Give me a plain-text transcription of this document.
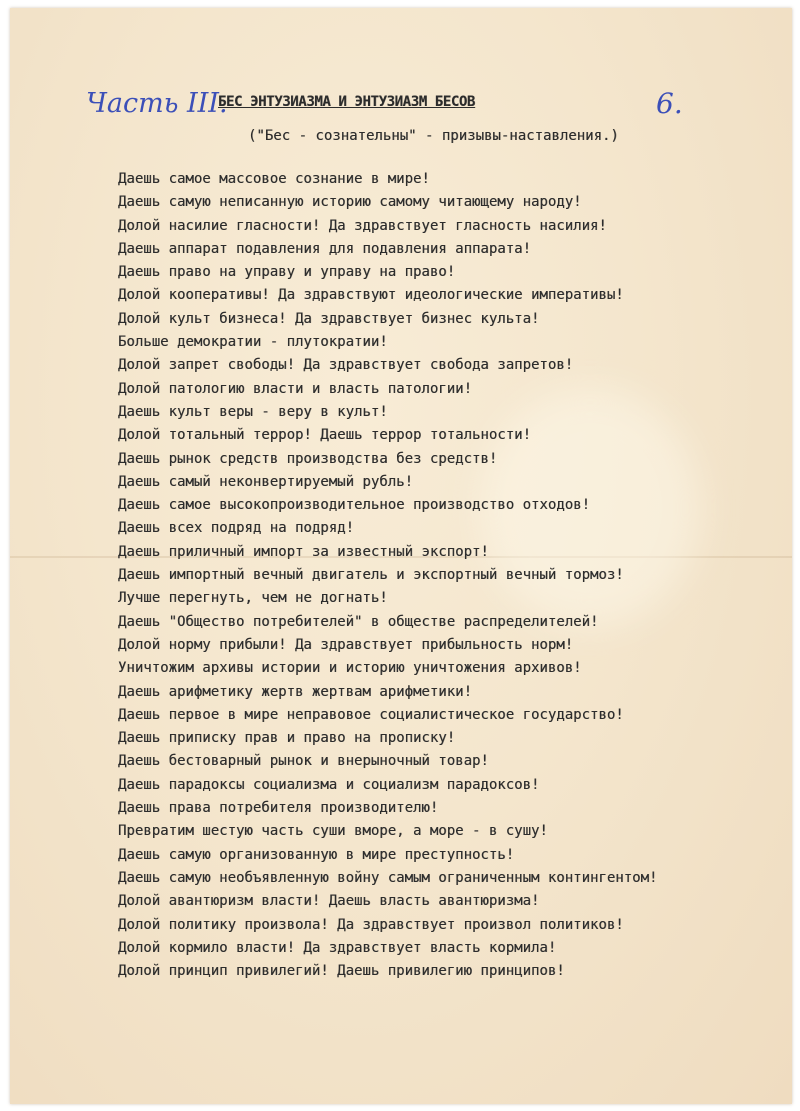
Часть III.	6.
БЕС ЭНТУЗИАЗМА И ЭНТУЗИАЗМ БЕСОВ
("Бес - сознательны" - призывы-наставления.)
Даешь самое массовое сознание в мире!
Даешь самую неписанную историю самому читающему народу!
Долой насилие гласности! Да здравствует гласность насилия!
Даешь аппарат подавления для подавления аппарата!
Даешь право на управу и управу на право!
Долой кооперативы! Да здравствуют идеологические императивы!
Долой культ бизнеса! Да здравствует бизнес культа!
Больше демократии - плутократии!
Долой запрет свободы! Да здравствует свобода запретов!
Долой патологию власти и власть патологии!
Даешь культ веры - веру в культ!
Долой тотальный террор! Даешь террор тотальности!
Даешь рынок средств производства без средств!
Даешь самый неконвертируемый рубль!
Даешь самое высокопроизводительное производство отходов!
Даешь всех подряд на подряд!
Даешь приличный импорт за известный экспорт!
Даешь импортный вечный двигатель и экспортный вечный тормоз!
Лучше перегнуть, чем не догнать!
Даешь "Общество потребителей" в обществе распределителей!
Долой норму прибыли! Да здравствует прибыльность норм!
Уничтожим архивы истории и историю уничтожения архивов!
Даешь арифметику жертв жертвам арифметики!
Даешь первое в мире неправовое социалистическое государство!
Даешь приписку прав и право на прописку!
Даешь бестоварный рынок и внерыночный товар!
Даешь парадоксы социализма и социализм парадоксов!
Даешь права потребителя производителю!
Превратим шестую часть суши вморе, а море - в сушу!
Даешь самую организованную в мире преступность!
Даешь самую необъявленную войну самым ограниченным контингентом!
Долой авантюризм власти! Даешь власть авантюризма!
Долой политику произвола! Да здравствует произвол политиков!
Долой кормило власти! Да здравствует власть кормила!
Долой принцип привилегий! Даешь привилегию принципов!
